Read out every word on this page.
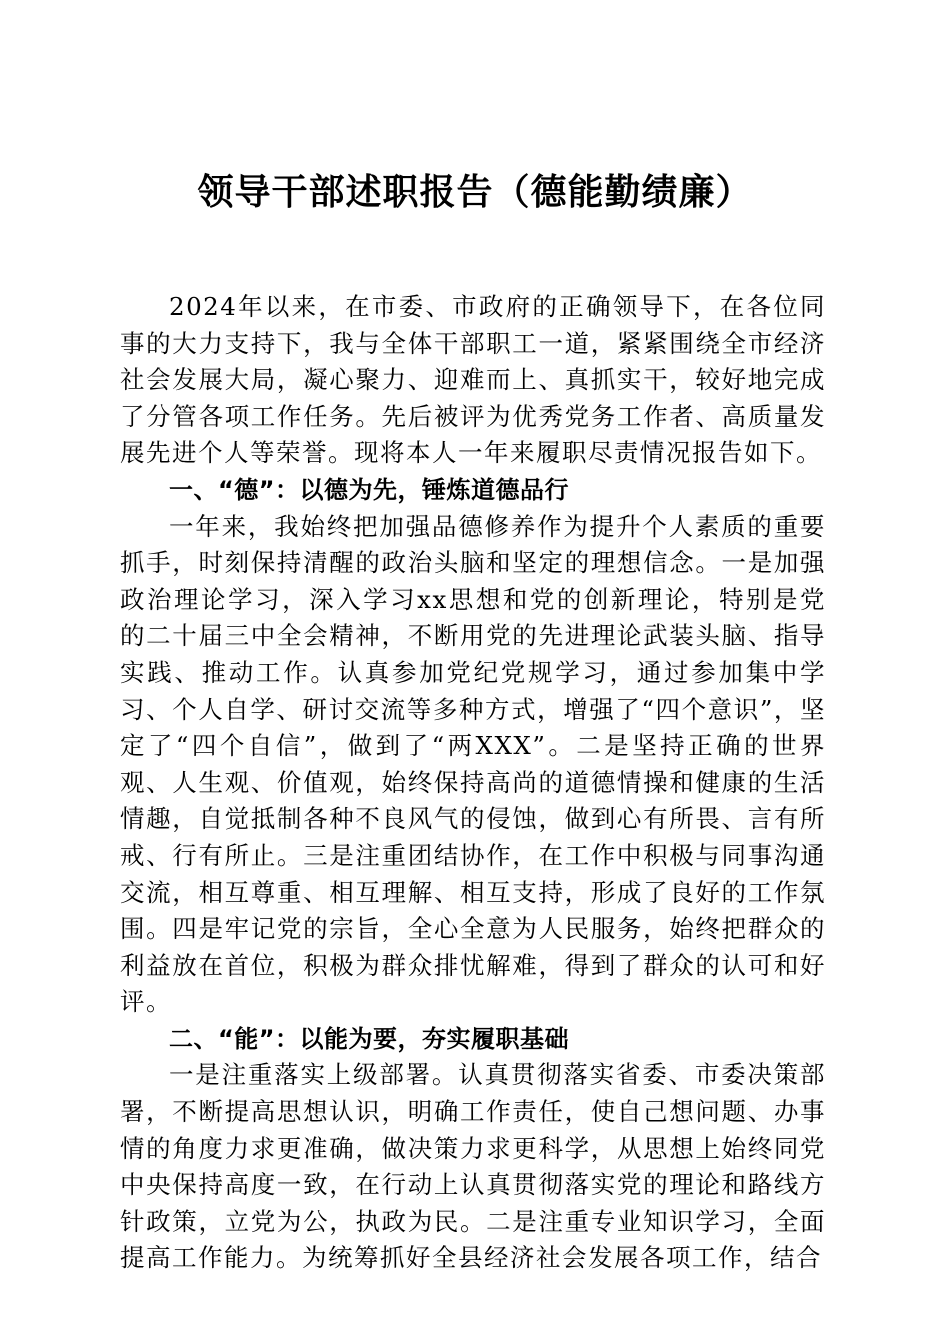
领导干部述职报告（德能勤绩廉）

2024年以来，在市委、市政府的正确领导下，在各位同事的大力支持下，我与全体干部职工一道，紧紧围绕全市经济社会发展大局，凝心聚力、迎难而上、真抓实干，较好地完成了分管各项工作任务。先后被评为优秀党务工作者、高质量发展先进个人等荣誉。现将本人一年来履职尽责情况报告如下。

一、“德”：以德为先，锤炼道德品行

一年来，我始终把加强品德修养作为提升个人素质的重要抓手，时刻保持清醒的政治头脑和坚定的理想信念。一是加强政治理论学习，深入学习xx思想和党的创新理论，特别是党的二十届三中全会精神，不断用党的先进理论武装头脑、指导实践、推动工作。认真参加党纪党规学习，通过参加集中学习、个人自学、研讨交流等多种方式，增强了“四个意识”，坚定了“四个自信”，做到了“两XXX”。二是坚持正确的世界观、人生观、价值观，始终保持高尚的道德情操和健康的生活情趣，自觉抵制各种不良风气的侵蚀，做到心有所畏、言有所戒、行有所止。三是注重团结协作，在工作中积极与同事沟通交流，相互尊重、相互理解、相互支持，形成了良好的工作氛围。四是牢记党的宗旨，全心全意为人民服务，始终把群众的利益放在首位，积极为群众排忧解难，得到了群众的认可和好评。

二、“能”：以能为要，夯实履职基础

一是注重落实上级部署。认真贯彻落实省委、市委决策部署，不断提高思想认识，明确工作责任，使自己想问题、办事情的角度力求更准确，做决策力求更科学，从思想上始终同党中央保持高度一致，在行动上认真贯彻落实党的理论和路线方针政策，立党为公，执政为民。二是注重专业知识学习，全面提高工作能力。为统筹抓好全县经济社会发展各项工作，结合
